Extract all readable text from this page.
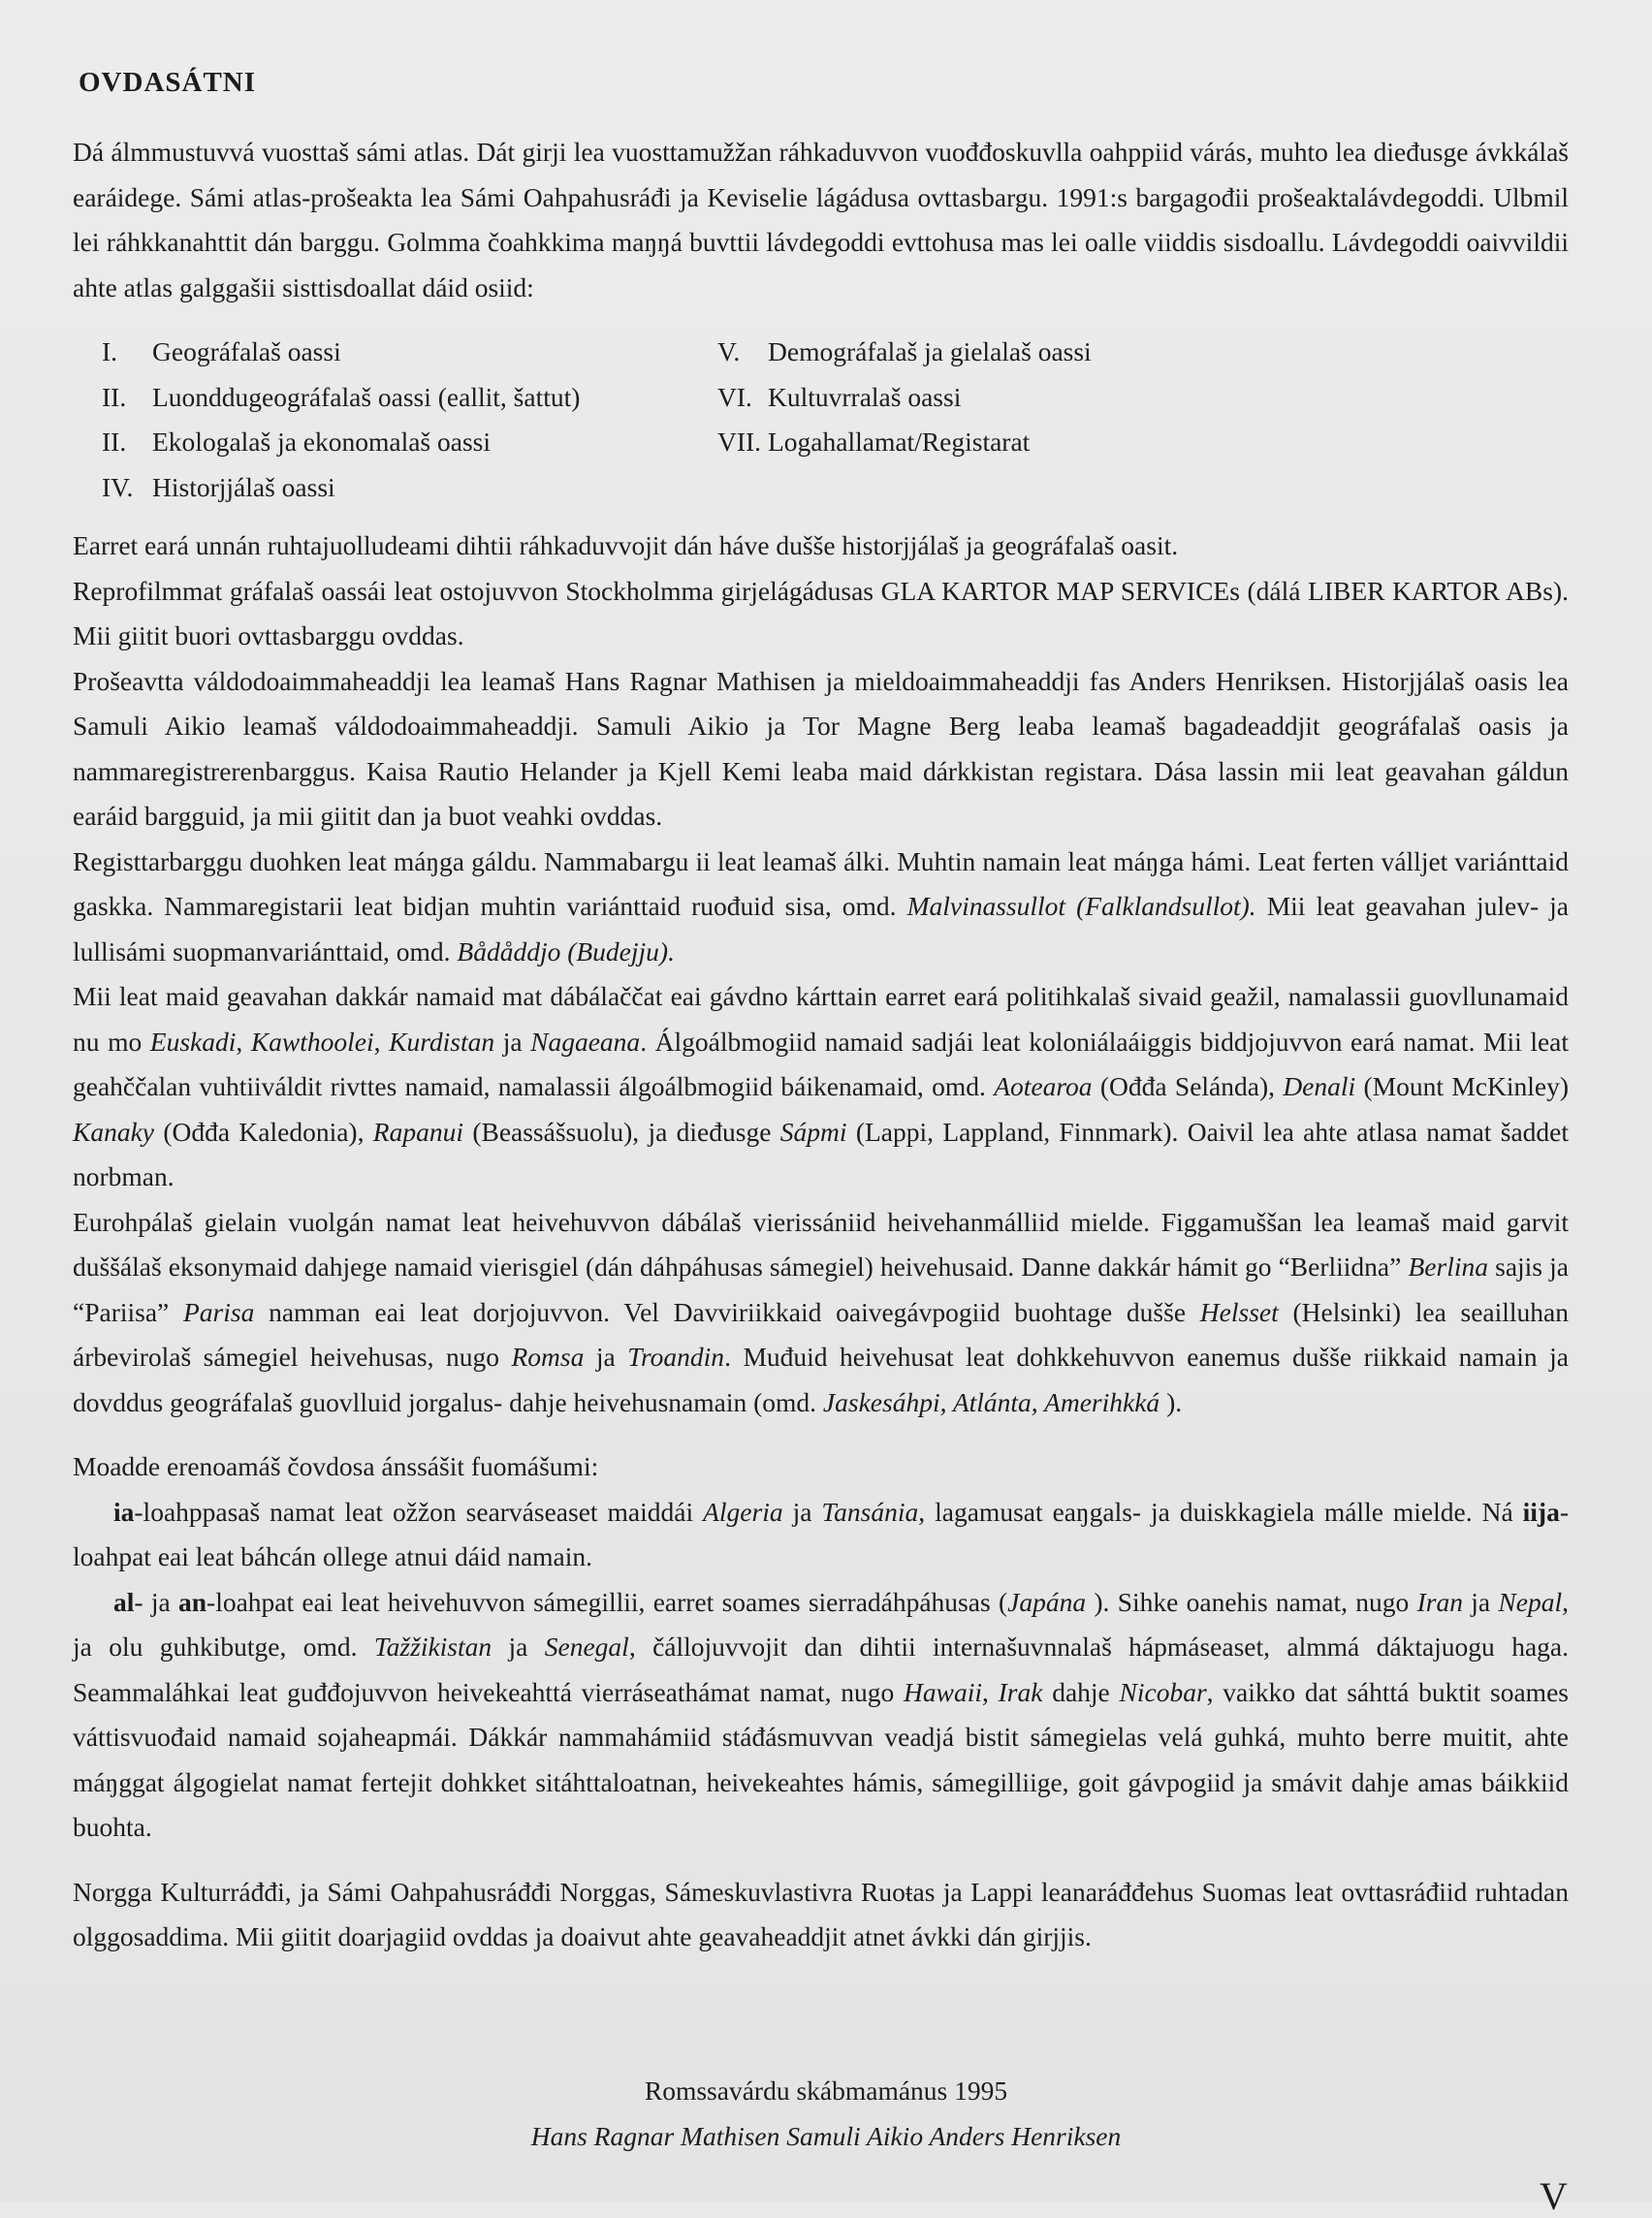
OVDASÁTNI

Dá álmmustuvvá vuosttaš sámi atlas. Dát girji lea vuosttamužžan ráhkaduvvon vuođđoskuvlla oahppiid várás, muhto lea dieđusge ávkkálaš earáidege. Sámi atlas-prošeakta lea Sámi Oahpahusráđi ja Keviselie lágádusa ovttasbargu. 1991:s bargagođii prošeaktalávdegoddi. Ulbmil lei ráhkkanahttit dán barggu. Golmma čoahkkima maŋŋá buvttii lávdegoddi evttohusa mas lei oalle viiddis sisdoallu. Lávdegoddi oaivvildii ahte atlas galggašii sisttisdoallat dáid osiid:

I. Geográfalaš oassi
II. Luonddugeográfalaš oassi (eallit, šattut)
II. Ekologalaš ja ekonomalaš oassi
IV. Historjjálaš oassi
V. Demográfalaš ja gielalaš oassi
VI. Kultuvrralaš oassi
VII. Logahallamat/Registarat

Earret eará unnán ruhtajuolludeami dihtii ráhkaduvvojit dán háve dušše historjjálaš ja geográfalaš oasit.

Reprofilmmat gráfalaš oassái leat ostojuvvon Stockholmma girjelágádusas GLA KARTOR MAP SERVICEs (dálá LIBER KARTOR ABs). Mii giitit buori ovttasbarggu ovddas.

Prošeavtta váldodoaimmaheaddji lea leamaš Hans Ragnar Mathisen ja mieldoaimmaheaddji fas Anders Henriksen. Historjjálaš oasis lea Samuli Aikio leamaš váldodoaimmaheaddji. Samuli Aikio ja Tor Magne Berg leaba leamaš bagadeaddjit geográfalaš oasis ja nammaregistrerenbarggus. Kaisa Rautio Helander ja Kjell Kemi leaba maid dárkkistan registara. Dása lassin mii leat geavahan gáldun earáid bargguid, ja mii giitit dan ja buot veahki ovddas.

Registtarbarggu duohken leat máŋga gáldu. Nammabargu ii leat leamaš álki. Muhtin namain leat máŋga hámi. Leat ferten válljet variánttaid gaskka. Nammaregistarii leat bidjan muhtin variánttaid ruođuid sisa, omd. Malvinassullot (Falklandsullot). Mii leat geavahan julev- ja lullisámi suopmanvariánttaid, omd. Bådåddjo (Budejju).

Mii leat maid geavahan dakkár namaid mat dábálaččat eai gávdno kárttain earret eará politihkalaš sivaid geažil, namalassii guovllunamaid nu mo Euskadi, Kawthoolei, Kurdistan ja Nagaeana. Álgoálbmogiid namaid sadjái leat koloniálaáiggis biddjojuvvon eará namat. Mii leat geahččalan vuhtiiváldit rivttes namaid, namalassii álgoálbmogiid báikenamaid, omd. Aotearoa (Ođđa Selánda), Denali (Mount McKinley) Kanaky (Ođđa Kaledonia), Rapanui (Beassášsuolu), ja dieđusge Sápmi (Lappi, Lappland, Finnmark). Oaivil lea ahte atlasa namat šaddet norbman.

Eurohpálaš gielain vuolgán namat leat heivehuvvon dábálaš vierissániid heivehanmálliid mielde. Figgamuššan lea leamaš maid garvit duššálaš eksonymaid dahjege namaid vierisgiel (dán dáhpáhusas sámegiel) heivehusaid. Danne dakkár hámit go “Berliidna” Berlina sajis ja “Pariisa” Parisa namman eai leat dorjojuvvon. Vel Davviriikkaid oaivegávpogiid buohtage dušše Helsset (Helsinki) lea seailluhan árbevirolaš sámegiel heivehusas, nugo Romsa ja Troandin. Muđuid heivehusat leat dohkkehuvvon eanemus dušše riikkaid namain ja dovddus geográfalaš guovlluid jorgalus- dahje heivehusnamain (omd. Jaskesáhpi, Atlánta, Amerihkká ).

Moadde erenoamáš čovdosa ánssášit fuomášumi:

ia-loahppasaš namat leat ožžon searváseaset maiddái Algeria ja Tansánia, lagamusat eaŋgals- ja duiskkagiela málle mielde. Ná iija-loahpat eai leat báhcán ollege atnui dáid namain.

al- ja an-loahpat eai leat heivehuvvon sámegillii, earret soames sierradáhpáhusas (Japána ). Sihke oanehis namat, nugo Iran ja Nepal, ja olu guhkibutge, omd. Tažžikistan ja Senegal, čállojuvvojit dan dihtii internašuvnnalaš hápmáseaset, almmá dáktajuogu haga. Seammaláhkai leat guđđojuvvon heivekeahttá vierráseathámat namat, nugo Hawaii, Irak dahje Nicobar, vaikko dat sáhttá buktit soames váttisvuođaid namaid sojaheapmái. Dákkár nammahámiid stáđásmuvvan veadjá bistit sámegielas velá guhká, muhto berre muitit, ahte máŋggat álgogielat namat fertejit dohkket sitáhttaloatnan, heivekeahtes hámis, sámegilliige, goit gávpogiid ja smávit dahje amas báikkiid buohta.

Norgga Kulturráđđi, ja Sámi Oahpahusráđđi Norggas, Sámeskuvlastivra Ruoŧas ja Lappi leanaráđđehus Suomas leat ovttasráđiid ruhtadan olggosaddima. Mii giitit doarjagiid ovddas ja doaivut ahte geavaheaddjit atnet ávkki dán girjjis.

Romssavárdu skábmamánus 1995
Hans Ragnar Mathisen Samuli Aikio Anders Henriksen
V
